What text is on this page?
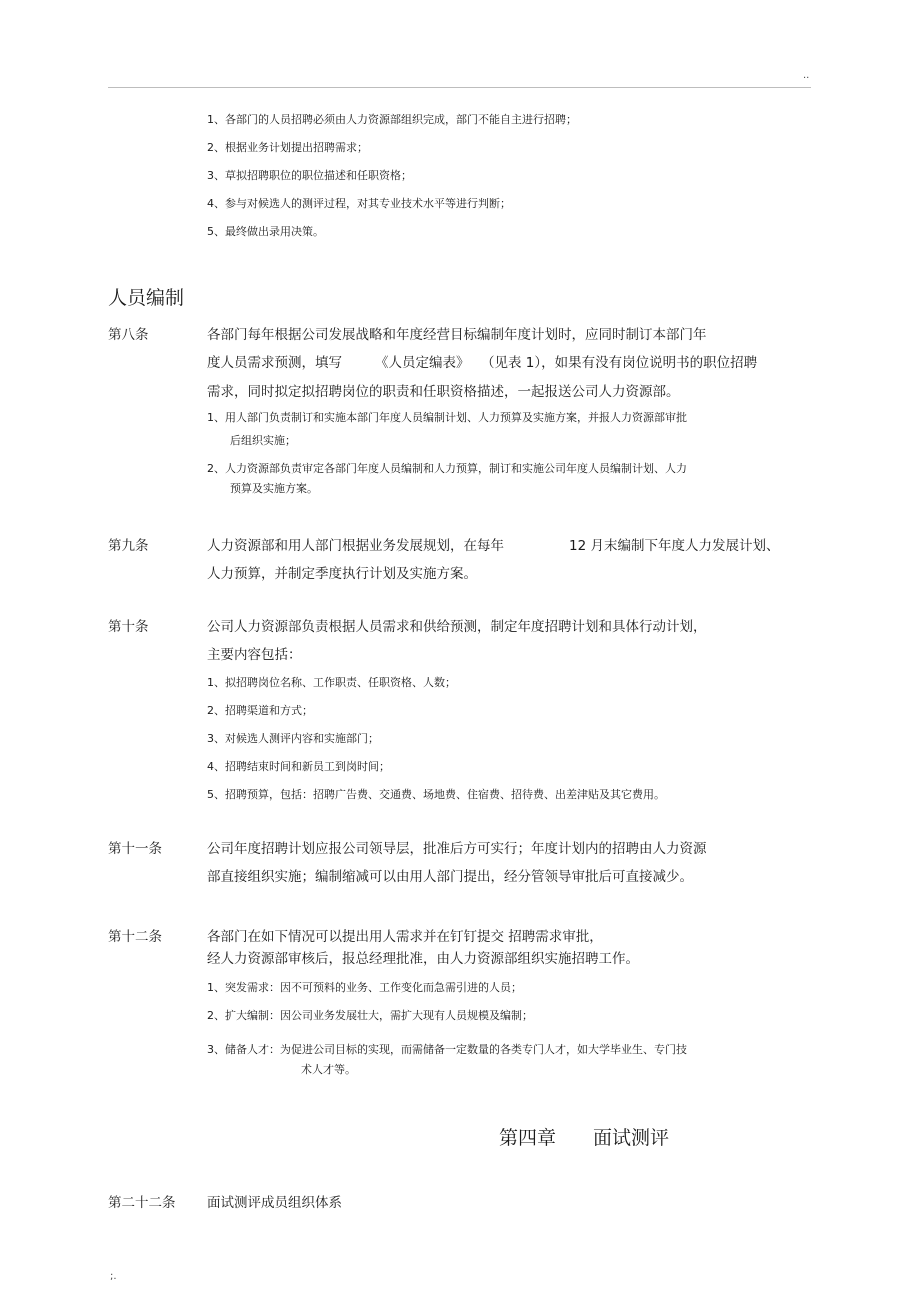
..
1、各部门的人员招聘必须由人力资源部组织完成，部门不能自主进行招聘；
2、根据业务计划提出招聘需求；
3、草拟招聘职位的职位描述和任职资格；
4、参与对候选人的测评过程，对其专业技术水平等进行判断；
5、最终做出录用决策。
人员编制
第八条	各部门每年根据公司发展战略和年度经营目标编制年度计划时，应同时制订本部门年
度人员需求预测，填写 《人员定编表》 （见表 1），如果有没有岗位说明书的职位招聘
需求，同时拟定拟招聘岗位的职责和任职资格描述，一起报送公司人力资源部。
1、用人部门负责制订和实施本部门年度人员编制计划、人力预算及实施方案，并报人力资源部审批
后组织实施；
2、人力资源部负责审定各部门年度人员编制和人力预算，制订和实施公司年度人员编制计划、人力
预算及实施方案。
第九条	人力资源部和用人部门根据业务发展规划，在每年	12 月末编制下年度人力发展计划、
人力预算，并制定季度执行计划及实施方案。
第十条	公司人力资源部负责根据人员需求和供给预测，制定年度招聘计划和具体行动计划，
主要内容包括：
1、拟招聘岗位名称、工作职责、任职资格、人数；
2、招聘渠道和方式；
3、对候选人测评内容和实施部门；
4、招聘结束时间和新员工到岗时间；
5、招聘预算，包括：招聘广告费、交通费、场地费、住宿费、招待费、出差津贴及其它费用。
第十一条	公司年度招聘计划应报公司领导层，批准后方可实行；年度计划内的招聘由人力资源
部直接组织实施；编制缩减可以由用人部门提出，经分管领导审批后可直接减少。
第十二条	各部门在如下情况可以提出用人需求并在钉钉提交 招聘需求审批，
经人力资源部审核后，报总经理批准，由人力资源部组织实施招聘工作。
1、突发需求：因不可预料的业务、工作变化而急需引进的人员；
2、扩大编制：因公司业务发展壮大，需扩大现有人员规模及编制；
3、储备人才：为促进公司目标的实现，而需储备一定数量的各类专门人才，如大学毕业生、专门技
术人才等。
第四章 面试测评
第二十二条 面试测评成员组织体系
;.
